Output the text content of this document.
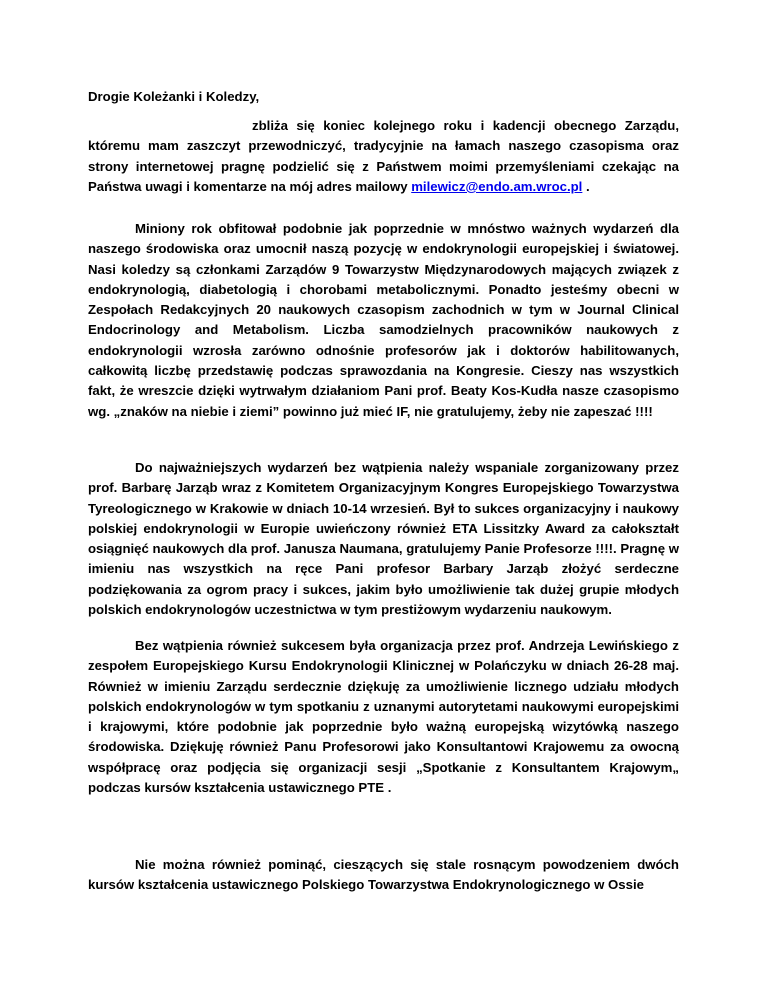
Drogie Koleżanki i Koledzy,

zbliża się koniec kolejnego roku i kadencji obecnego Zarządu, któremu mam zaszczyt przewodniczyć, tradycyjnie na łamach naszego czasopisma oraz strony internetowej pragnę podzielić się z Państwem moimi przemyśleniami czekając na Państwa uwagi i komentarze na mój adres mailowy milewicz@endo.am.wroc.pl .

Miniony rok obfitował podobnie jak poprzednie w mnóstwo ważnych wydarzeń dla naszego środowiska oraz umocnił naszą pozycję w endokrynologii europejskiej i światowej. Nasi koledzy są członkami Zarządów 9 Towarzystw Międzynarodowych mających związek z endokrynologią, diabetologią i chorobami metabolicznymi. Ponadto jesteśmy obecni w Zespołach Redakcyjnych 20 naukowych czasopism zachodnich w tym w Journal Clinical Endocrinology and Metabolism. Liczba samodzielnych pracowników naukowych z endokrynologii wzrosła zarówno odnośnie profesorów jak i doktorów habilitowanych, całkowitą liczbę przedstawię podczas sprawozdania na Kongresie. Cieszy nas wszystkich fakt, że wreszcie dzięki wytrwałym działaniom Pani prof. Beaty Kos-Kudła nasze czasopismo wg. „znaków na niebie i ziemi” powinno już mieć IF, nie gratulujemy, żeby nie zapeszać !!!!

Do najważniejszych wydarzeń bez wątpienia należy wspaniale zorganizowany przez prof. Barbarę Jarząb wraz z Komitetem Organizacyjnym Kongres Europejskiego Towarzystwa Tyreologicznego w Krakowie w dniach 10-14 wrzesień. Był to sukces organizacyjny i naukowy polskiej endokrynologii w Europie uwieńczony również ETA Lissitzky Award za całokształt osiągnięć naukowych dla prof. Janusza Naumana, gratulujemy Panie Profesorze !!!!. Pragnę w imieniu nas wszystkich na ręce Pani profesor Barbary Jarząb złożyć serdeczne podziękowania za ogrom pracy i sukces, jakim było umożliwienie tak dużej grupie młodych polskich endokrynologów uczestnictwa w tym prestiżowym wydarzeniu naukowym.

Bez wątpienia również sukcesem była organizacja przez prof. Andrzeja Lewińskiego z zespołem Europejskiego Kursu Endokrynologii Klinicznej w Polańczyku w dniach 26-28 maj. Również w imieniu Zarządu serdecznie dziękuję za umożliwienie licznego udziału młodych polskich endokrynologów w tym spotkaniu z uznanymi autorytetami naukowymi europejskimi i krajowymi, które podobnie jak poprzednie było ważną europejską wizytówką naszego środowiska. Dziękuję również Panu Profesorowi jako Konsultantowi Krajowemu za owocną współpracę oraz podjęcia się organizacji sesji „Spotkanie z Konsultantem Krajowym„ podczas kursów kształcenia ustawicznego PTE .

Nie można również pominąć, cieszących się stale rosnącym powodzeniem dwóch kursów kształcenia ustawicznego Polskiego Towarzystwa Endokrynologicznego w Ossie
